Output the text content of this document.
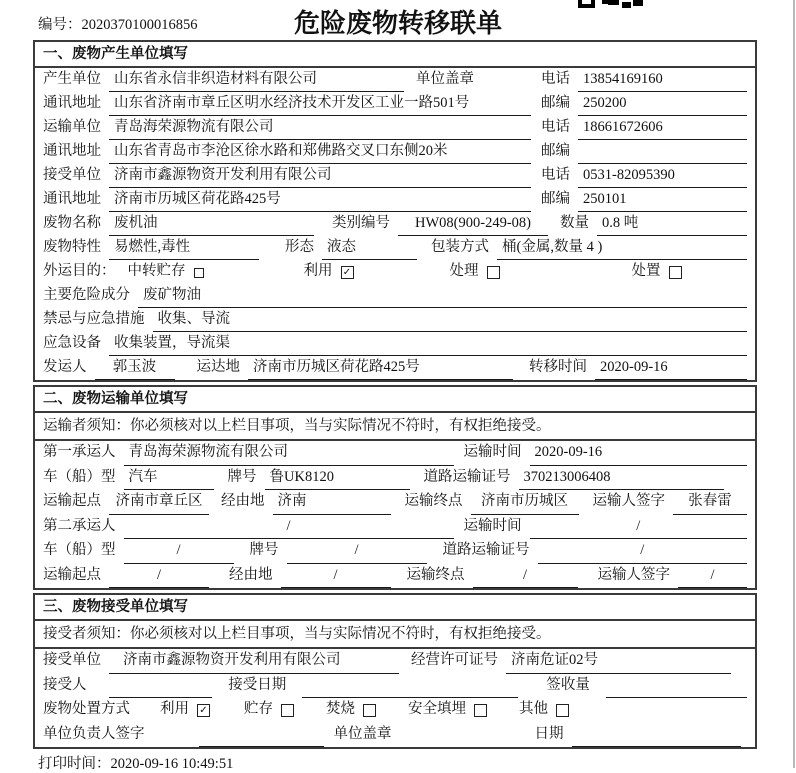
编号：2020370100016856	危险废物转移联单
一、废物产生单位填写
产生单位 山东省永信非织造材料有限公司	单位盖章	电话 13854169160
通讯地址 山东省济南市章丘区明水经济技术开发区工业一路501号	邮编 250200
运输单位 青岛海荣源物流有限公司	电话 18661672606
通讯地址 山东省青岛市李沧区徐水路和郑佛路交叉口东侧20米	邮编
接受单位 济南市鑫源物资开发利用有限公司	电话 0531-82095390
通讯地址 济南市历城区荷花路425号	邮编 250101
废物名称 废机油	类别编号	HW08(900-249-08)	数量 0.8 吨
废物特性 易燃性,毒性	形态 液态	包装方式 桶(金属,数量 4 )
外运目的： 中转贮存	利用 ✓	处理	处置
主要危险成分 废矿物油
禁忌与应急措施 收集、导流
应急设备 收集装置，导流渠
发运人	郭玉波	运达地 济南市历城区荷花路425号	转移时间 2020-09-16
二、废物运输单位填写
运输者须知：你必须核对以上栏目事项，当与实际情况不符时，有权拒绝接受。
第一承运人 青岛海荣源物流有限公司	运输时间 2020-09-16
车（船）型 汽车	牌号 鲁UK8120	道路运输证号 370213006408
运输起点	济南市章丘区	经由地 济南	运输终点	济南市历城区	运输人签字	张春雷
第二承运人	/	运输时间	/
车（船）型	/	牌号	/	道路运输证号	/
运输起点	/	经由地	/	运输终点	/	运输人签字	/
三、废物接受单位填写
接受者须知：你必须核对以上栏目事项，当与实际情况不符时，有权拒绝接受。
接受单位	济南市鑫源物资开发利用有限公司	经营许可证号 济南危证02号
接受人	接受日期	签收量
废物处置方式 利用 ✓	贮存	焚烧	安全填埋	其他
单位负责人签字	单位盖章	日期
打印时间：2020-09-16 10:49:51
